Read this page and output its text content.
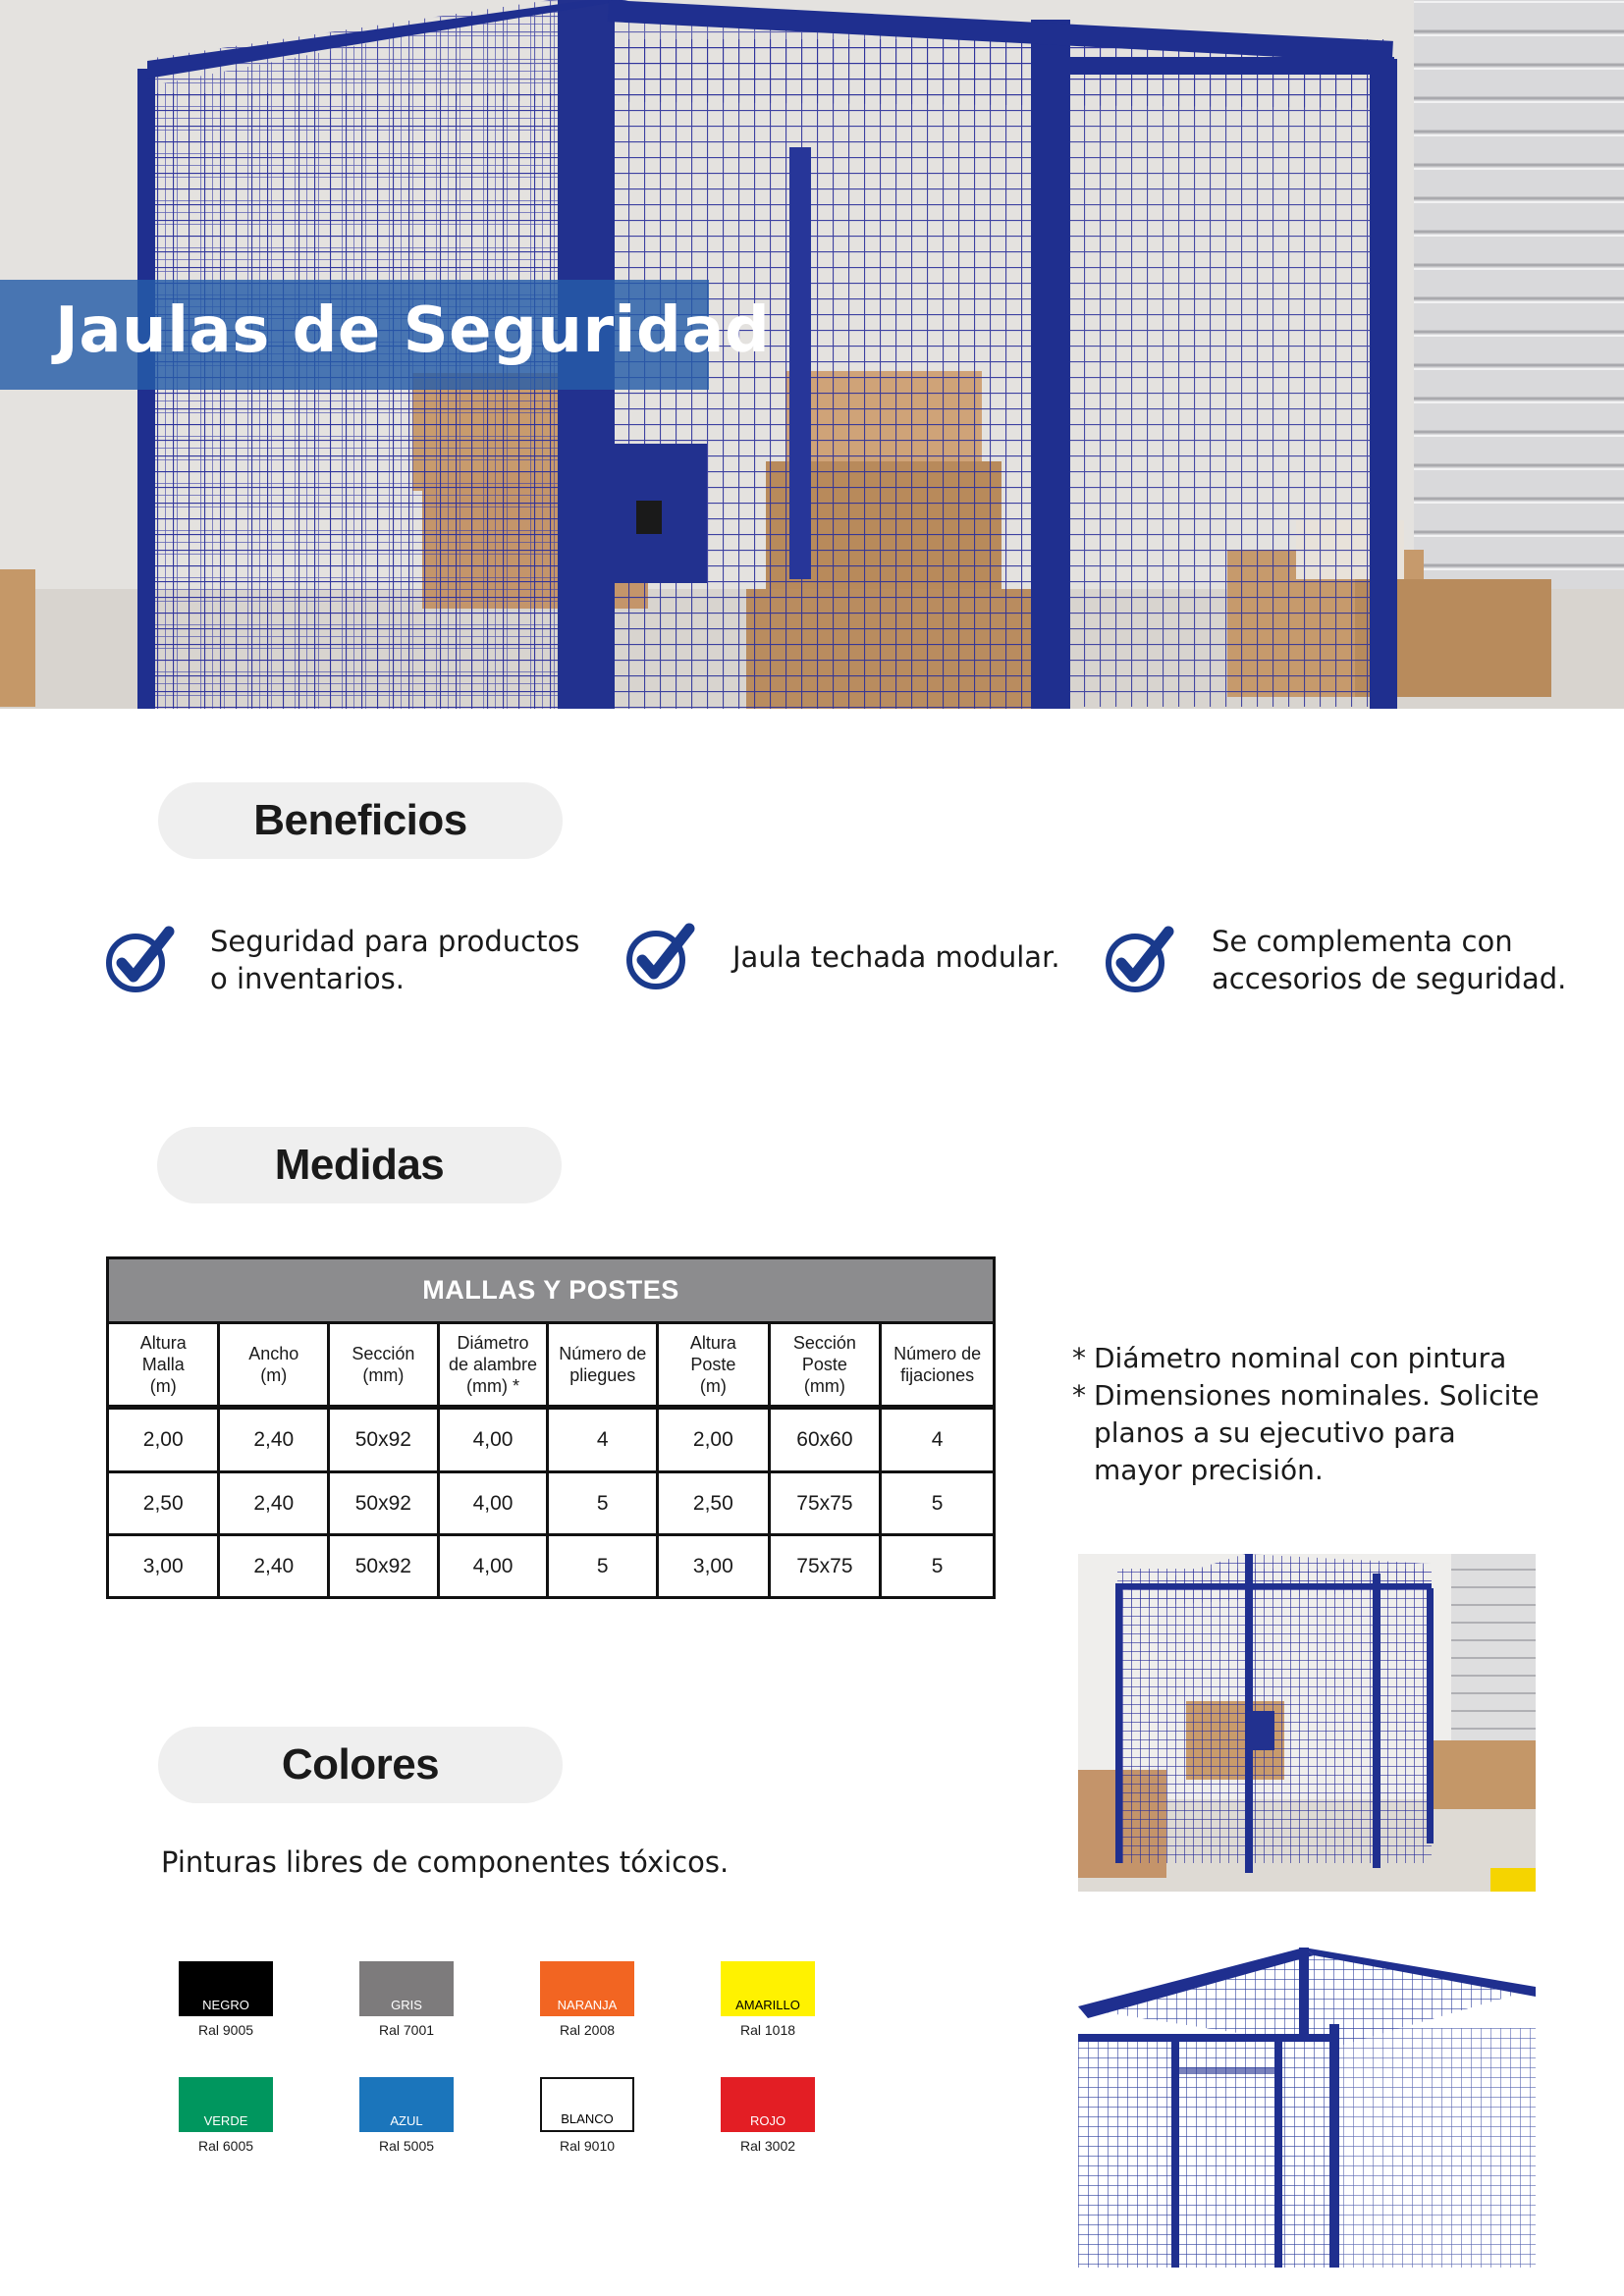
Jaulas de Seguridad
Beneficios
Seguridad para productos
o inventarios.
Jaula techada modular.	Se complementa con
accesorios de seguridad.
Medidas
MALLAS Y POSTES							
Altura
Malla
(m)	Ancho
(m)	Sección
(mm)	Diámetro
de alambre
(mm) *	Número de
pliegues	Altura
Poste
(m)	Sección
Poste
(mm)	Número de
fijaciones
2,00	2,40	50x92	4,00	4	2,00	60x60	4
2,50	2,40	50x92	4,00	5	2,50	75x75	5
3,00	2,40	50x92	4,00	5	3,00	75x75	5
* Diámetro nominal con pintura
* Dimensiones nominales. Solicite planos a su ejecutivo para mayor precisión.
Colores
Pinturas libres de componentes tóxicos.
NEGRO
Ral 9005
GRIS
Ral 7001
NARANJA
Ral 2008
AMARILLO
Ral 1018
VERDE
Ral 6005
AZUL
Ral 5005
BLANCO
Ral 9010
ROJO
Ral 3002
